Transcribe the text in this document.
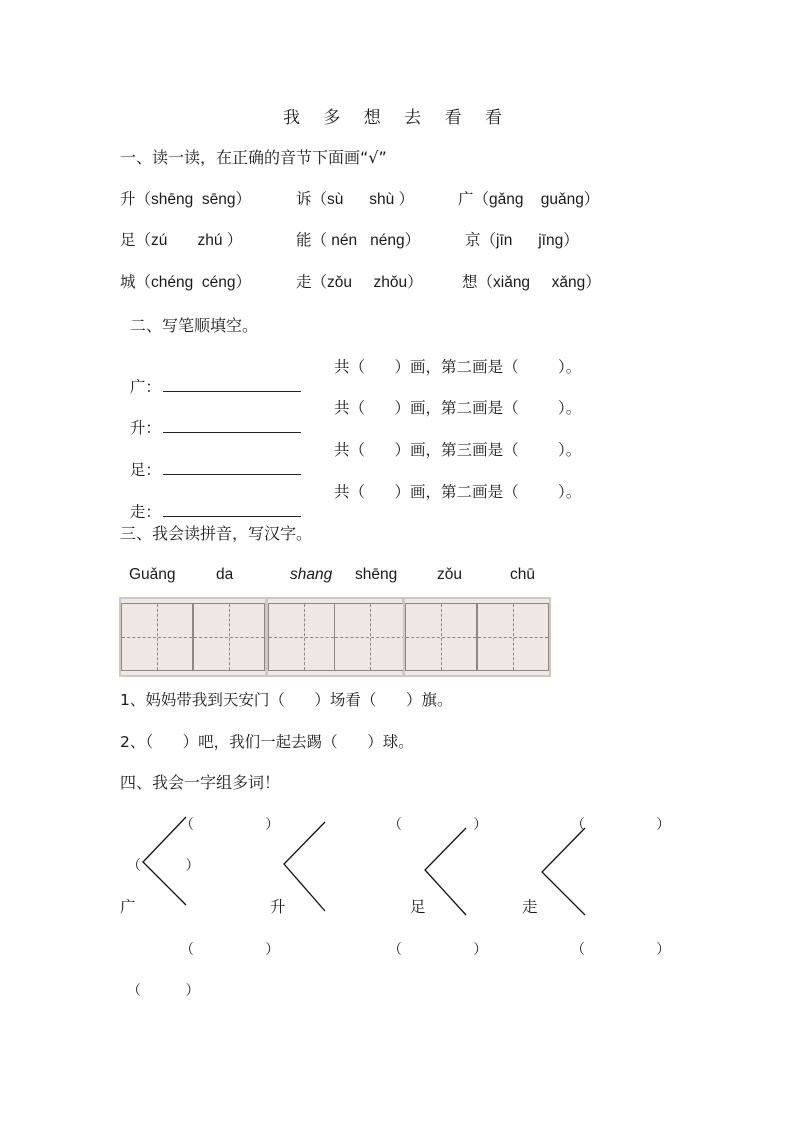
我 多 想 去 看 看
一、读一读，在正确的音节下面画“√”
升（shēng  sēng）	诉（sù      shù ）	广（gǎng    guǎng）
足（zú       zhú ）	能（ nén   néng）	京（jīn      jīng）
城（chéng  céng）	走（zǒu     zhǒu）	想（xiǎng     xǎng）
二、写笔顺填空。

广：

共（      ）画，第二画是（        ）。

升：

共（      ）画，第二画是（        ）。

足：

共（      ）画，第三画是（        ）。

走：

共（      ）画，第二画是（        ）。
三、我会读拼音，写汉字。
Guǎng	da	shang shēng	zǒu	chū
1、妈妈带我到天安门（      ）场看（      ）旗。
2、（      ）吧，我们一起去踢（      ）球。
四、我会一字组多词！
（                ）	（                ）	（                ）
（          ）
广	升	足	走
（                ）	（                ）	（                ）
（          ）
